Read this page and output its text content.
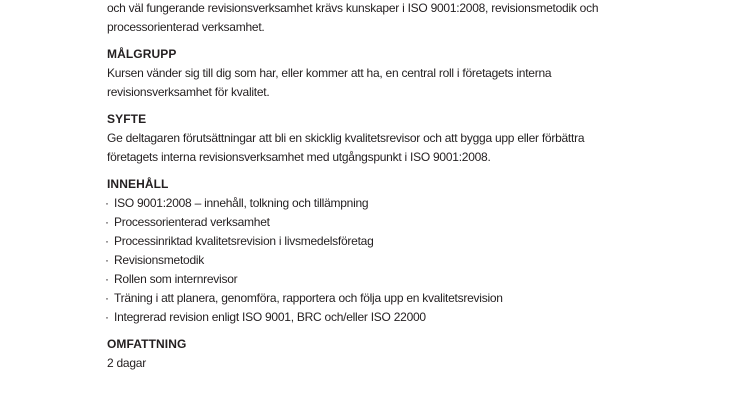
och väl fungerande revisionsverksamhet krävs kunskaper i ISO 9001:2008, revisionsmetodik och

processorienterad verksamhet.

MÅLGRUPP

Kursen vänder sig till dig som har, eller kommer att ha, en central roll i företagets interna

revisionsverksamhet för kvalitet.

SYFTE

Ge deltagaren förutsättningar att bli en skicklig kvalitetsrevisor och att bygga upp eller förbättra

företagets interna revisionsverksamhet med utgångspunkt i ISO 9001:2008.

INNEHÅLL
· ISO 9001:2008 – innehåll, tolkning och tillämpning
· Processorienterad verksamhet
· Processinriktad kvalitetsrevision i livsmedelsföretag
· Revisionsmetodik
· Rollen som internrevisor
· Träning i att planera, genomföra, rapportera och följa upp en kvalitetsrevision
· Integrerad revision enligt ISO 9001, BRC och/eller ISO 22000
OMFATTNING

2 dagar
